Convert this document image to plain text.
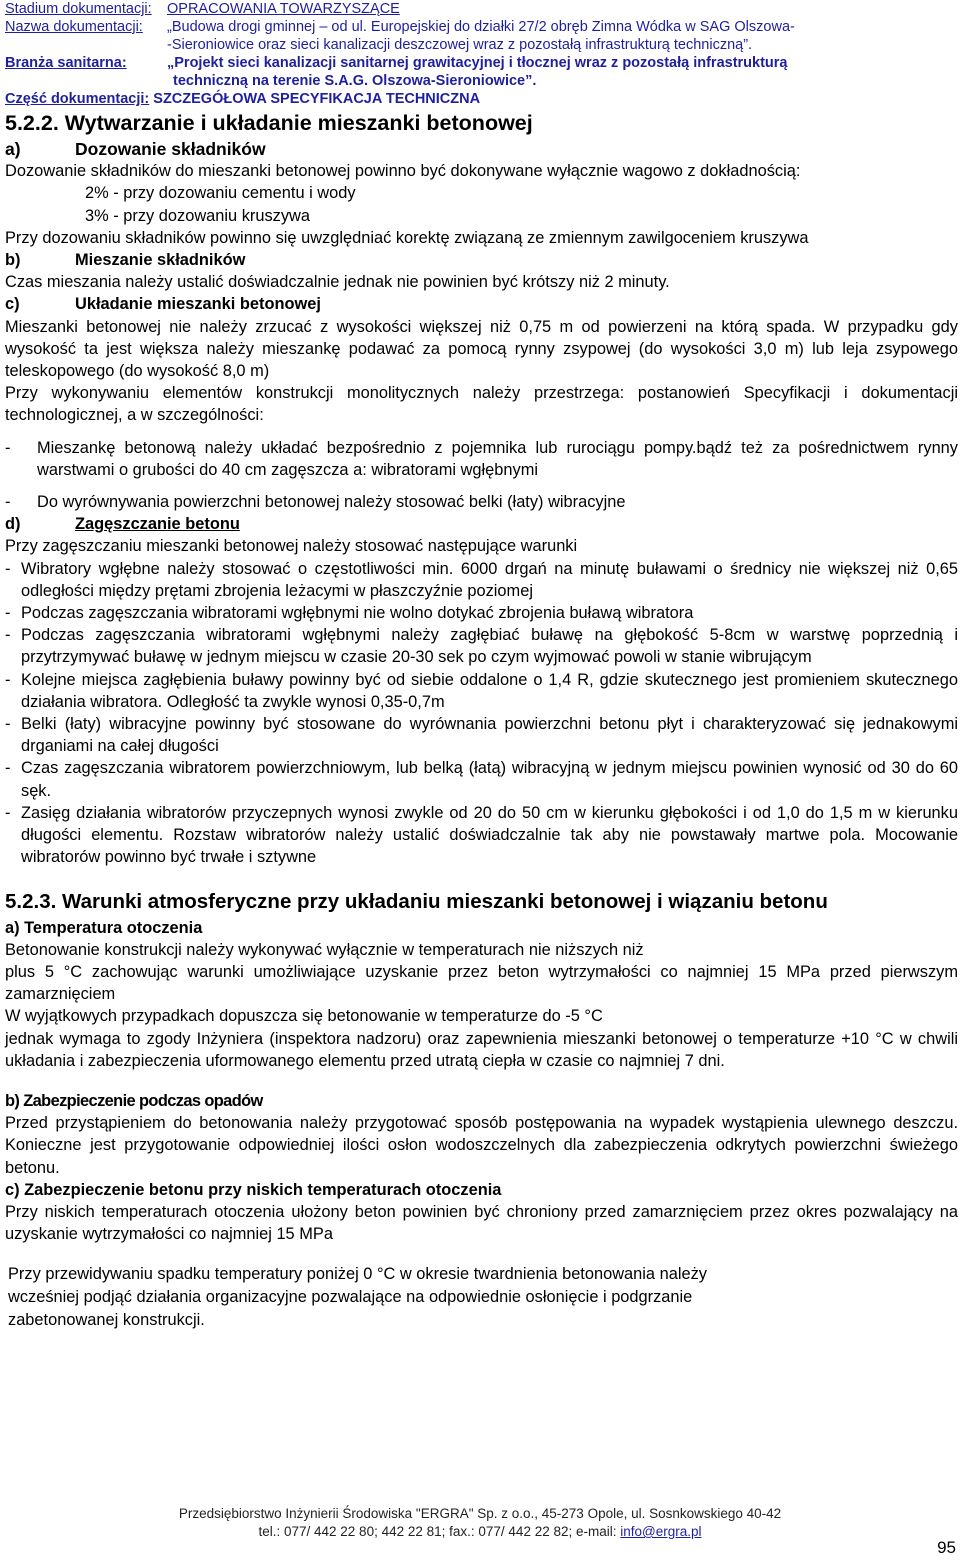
Stadium dokumentacji:	OPRACOWANIA TOWARZYSZĄCE
Nazwa dokumentacji:	„Budowa drogi gminnej – od ul. Europejskiej do działki 27/2 obręb Zimna Wódka w SAG Olszowa-
-Sieroniowice oraz sieci kanalizacji deszczowej wraz z pozostałą infrastrukturą techniczną”.
Branża sanitarna:	„Projekt sieci kanalizacji sanitarnej grawitacyjnej i tłocznej wraz z pozostałą infrastrukturą
techniczną na terenie S.A.G. Olszowa-Sieroniowice”.
Część dokumentacji:
SZCZEGÓŁOWA SPECYFIKACJA TECHNICZNA

5.2.2. Wytwarzanie i układanie mieszanki betonowej

a)	Dozowanie składników

Dozowanie składników do mieszanki betonowej powinno być dokonywane wyłącznie wagowo z dokładnością:

2% - przy dozowaniu cementu i wody

3% - przy dozowaniu kruszywa

Przy dozowaniu składników powinno się uwzględniać korektę związaną ze zmiennym zawilgoceniem kruszywa

b)	Mieszanie składników

Czas mieszania należy ustalić doświadczalnie jednak nie powinien być krótszy niż 2 minuty.

c)	Układanie mieszanki betonowej

Mieszanki betonowej nie należy zrzucać z wysokości większej niż 0,75 m od powierzeni na którą spada. W przypadku gdy wysokość ta jest większa należy mieszankę podawać za pomocą rynny zsypowej (do wysokości 3,0 m) lub leja zsypowego teleskopowego (do wysokość 8,0 m)

Przy wykonywaniu elementów konstrukcji monolitycznych należy przestrzega: postanowień Specyfikacji i dokumentacji technologicznej, a w szczególności:

-	Mieszankę betonową należy układać bezpośrednio z pojemnika lub rurociągu pompy.bądź też za pośrednictwem rynny warstwami o grubości do 40 cm zagęszcza a: wibratorami wgłębnymi
-	Do wyrównywania powierzchni betonowej należy stosować belki (łaty) wibracyjne
d)	Zagęszczanie betonu

Przy zagęszczaniu mieszanki betonowej należy stosować następujące warunki

- Wibratory wgłębne należy stosować o częstotliwości min. 6000 drgań na minutę buławami o średnicy nie większej niż 0,65 odległości między prętami zbrojenia leżacymi w płaszczyźnie poziomej
- Podczas zagęszczania wibratorami wgłębnymi nie wolno dotykać zbrojenia buławą wibratora
- Podczas zagęszczania wibratorami wgłębnymi należy zagłębiać buławę na głębokość 5-8cm w warstwę poprzednią i przytrzymywać buławę w jednym miejscu w czasie 20-30 sek po czym wyjmować powoli w stanie wibrującym
- Kolejne miejsca zagłębienia buławy powinny być od siebie oddalone o 1,4 R, gdzie skutecznego jest promieniem skutecznego działania wibratora. Odległość ta zwykle wynosi 0,35-0,7m
- Belki (łaty) wibracyjne powinny być stosowane do wyrównania powierzchni betonu płyt i charakteryzować się jednakowymi drganiami na całej długości
- Czas zagęszczania wibratorem powierzchniowym, lub belką (łatą) wibracyjną w jednym miejscu powinien wynosić od 30 do 60 sęk.
- Zasięg działania wibratorów przyczepnych wynosi zwykle od 20 do 50 cm w kierunku głębokości i od 1,0 do 1,5 m w kierunku długości elementu. Rozstaw wibratorów należy ustalić doświadczalnie tak aby nie powstawały martwe pola. Mocowanie wibratorów powinno być trwałe i sztywne

5.2.3. Warunki atmosferyczne przy układaniu mieszanki betonowej i wiązaniu betonu

a) Temperatura otoczenia

Betonowanie konstrukcji należy wykonywać wyłącznie w temperaturach nie niższych niż

plus 5 °C zachowując warunki umożliwiające uzyskanie przez beton wytrzymałości co najmniej 15 MPa przed pierwszym zamarznięciem

W wyjątkowych przypadkach dopuszcza się betonowanie w temperaturze do -5 °C

jednak wymaga to zgody Inżyniera (inspektora nadzoru) oraz zapewnienia mieszanki betonowej o temperaturze +10 °C w chwili układania i zabezpieczenia uformowanego elementu przed utratą ciepła w czasie co najmniej 7 dni.

b) Zabezpieczenie podczas opadów

Przed przystąpieniem do betonowania należy przygotować sposób postępowania na wypadek wystąpienia ulewnego deszczu. Konieczne jest przygotowanie odpowiedniej ilości osłon wodoszczelnych dla zabezpieczenia odkrytych powierzchni świeżego betonu.

c) Zabezpieczenie betonu przy niskich temperaturach otoczenia

Przy niskich temperaturach otoczenia ułożony beton powinien być chroniony przed zamarznięciem przez okres pozwalający na uzyskanie wytrzymałości co najmniej 15 MPa

Przy przewidywaniu spadku temperatury poniżej 0 °C w okresie twardnienia betonowania należy

wcześniej podjąć działania organizacyjne pozwalające na odpowiednie osłonięcie i podgrzanie

zabetonowanej konstrukcji.

Przedsiębiorstwo Inżynierii Środowiska "ERGRA" Sp. z o.o., 45-273 Opole, ul. Sosnkowskiego 40-42
tel.: 077/ 442 22 80; 442 22 81; fax.: 077/ 442 22 82; e-mail: info@ergra.pl
95
